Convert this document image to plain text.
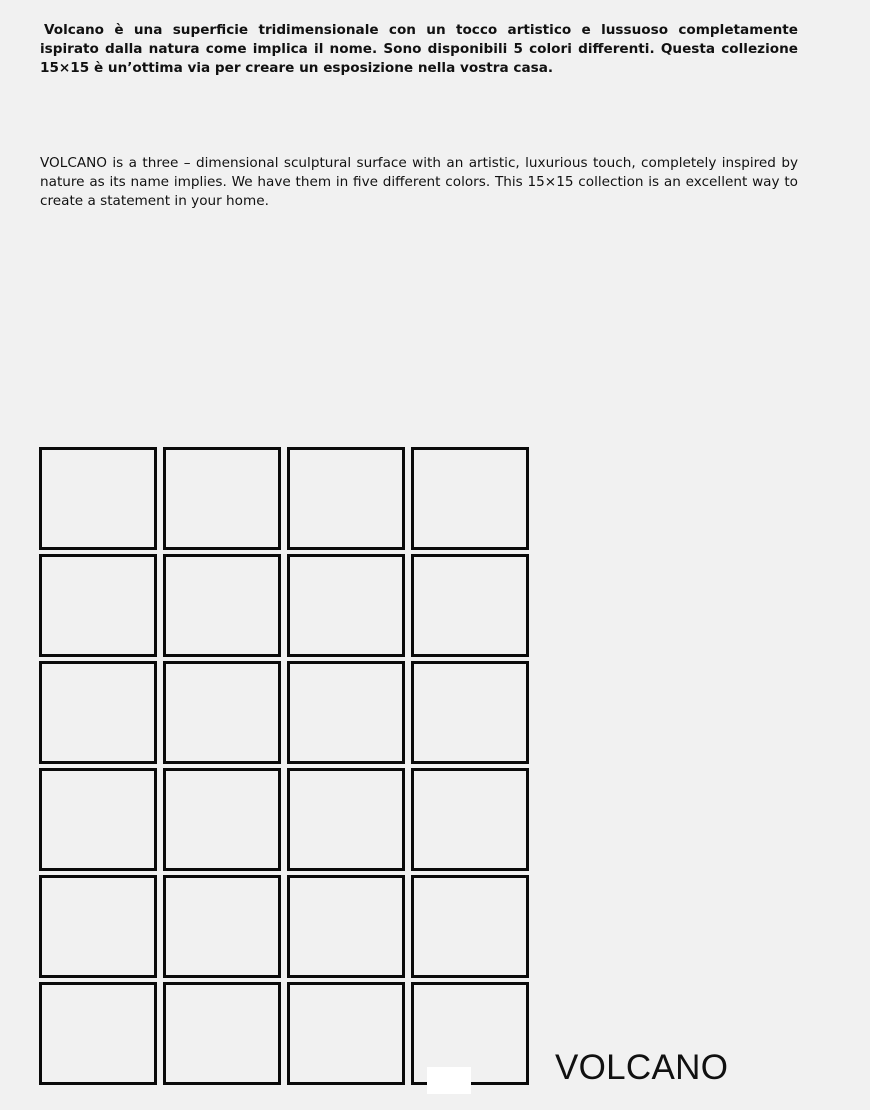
Volcano è una superficie tridimensionale con un tocco artistico e lussuoso completamente ispirato dalla natura come implica il nome. Sono disponibili 5 colori differenti. Questa collezione 15×15 è un’ottima via per creare un esposizione nella vostra casa.

VOLCANO is a three – dimensional sculptural surface with an artistic, luxurious touch, completely inspired by nature as its name implies. We have them in five different colors. This 15×15 collection is an excellent way to create a statement in your home.

VOLCANO
